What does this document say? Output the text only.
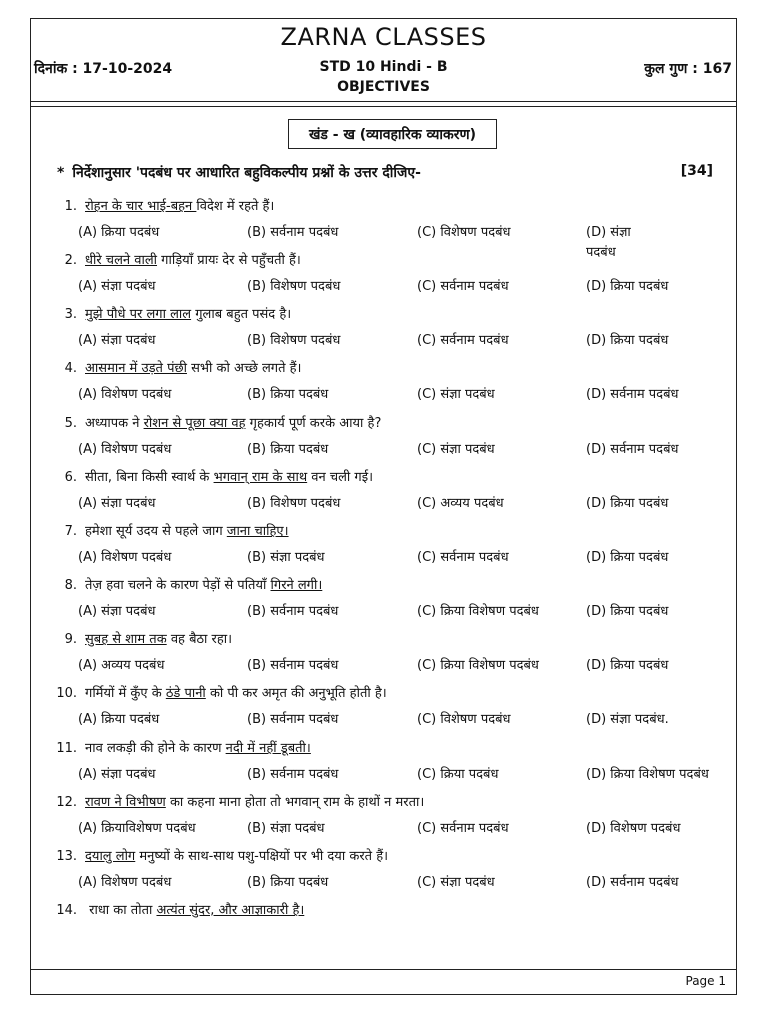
ZARNA CLASSES
दिनांक : 17-10-2024	STD 10 Hindi - B	कुल गुण : 167
OBJECTIVES
खंड - ख (व्यावहारिक व्याकरण)
* निर्देशानुसार 'पदबंध पर आधारित बहुविकल्पीय प्रश्नों के उत्तर दीजिए-	[34]
1. रोहन के चार भाई-बहन विदेश में रहते हैं।
(A) क्रिया पदबंध	(B) सर्वनाम पदबंध	(C) विशेषण पदबंध	(D) संज्ञा
पदबंध
2. धीरे चलने वाली गाड़ियाँ प्रायः देर से पहुँचती हैं।
(A) संज्ञा पदबंध	(B) विशेषण पदबंध	(C) सर्वनाम पदबंध	(D) क्रिया पदबंध
3. मुझे पौधे पर लगा लाल गुलाब बहुत पसंद है।
(A) संज्ञा पदबंध	(B) विशेषण पदबंध	(C) सर्वनाम पदबंध	(D) क्रिया पदबंध
4. आसमान में उड़ते पंछी सभी को अच्छे लगते हैं।
(A) विशेषण पदबंध	(B) क्रिया पदबंध	(C) संज्ञा पदबंध	(D) सर्वनाम पदबंध
5. अध्यापक ने रोशन से पूछा क्या वह गृहकार्य पूर्ण करके आया है?
(A) विशेषण पदबंध	(B) क्रिया पदबंध	(C) संज्ञा पदबंध	(D) सर्वनाम पदबंध
6. सीता, बिना किसी स्वार्थ के भगवान् राम के साथ वन चली गई।
(A) संज्ञा पदबंध	(B) विशेषण पदबंध	(C) अव्यय पदबंध	(D) क्रिया पदबंध
7. हमेशा सूर्य उदय से पहले जाग जाना चाहिए।
(A) विशेषण पदबंध	(B) संज्ञा पदबंध	(C) सर्वनाम पदबंध	(D) क्रिया पदबंध
8. तेज़ हवा चलने के कारण पेड़ों से पतियाँ गिरने लगी।
(A) संज्ञा पदबंध	(B) सर्वनाम पदबंध	(C) क्रिया विशेषण पदबंध	(D) क्रिया पदबंध
9. सुबह से शाम तक वह बैठा रहा।
(A) अव्यय पदबंध	(B) सर्वनाम पदबंध	(C) क्रिया विशेषण पदबंध	(D) क्रिया पदबंध
10. गर्मियों में कुँए के ठंडे पानी को पी कर अमृत की अनुभूति होती है।
(A) क्रिया पदबंध	(B) सर्वनाम पदबंध	(C) विशेषण पदबंध	(D) संज्ञा पदबंध.
11. नाव लकड़ी की होने के कारण नदी में नहीं डूबती।
(A) संज्ञा पदबंध	(B) सर्वनाम पदबंध	(C) क्रिया पदबंध	(D) क्रिया विशेषण पदबंध
12. रावण ने विभीषण का कहना माना होता तो भगवान् राम के हाथों न मरता।
(A) क्रियाविशेषण पदबंध	(B) संज्ञा पदबंध	(C) सर्वनाम पदबंध	(D) विशेषण पदबंध
13. दयालु लोग मनुष्यों के साथ-साथ पशु-पक्षियों पर भी दया करते हैं।
(A) विशेषण पदबंध	(B) क्रिया पदबंध	(C) संज्ञा पदबंध	(D) सर्वनाम पदबंध
14. राधा का तोता अत्यंत सुंदर, और आज्ञाकारी है।
Page 1
